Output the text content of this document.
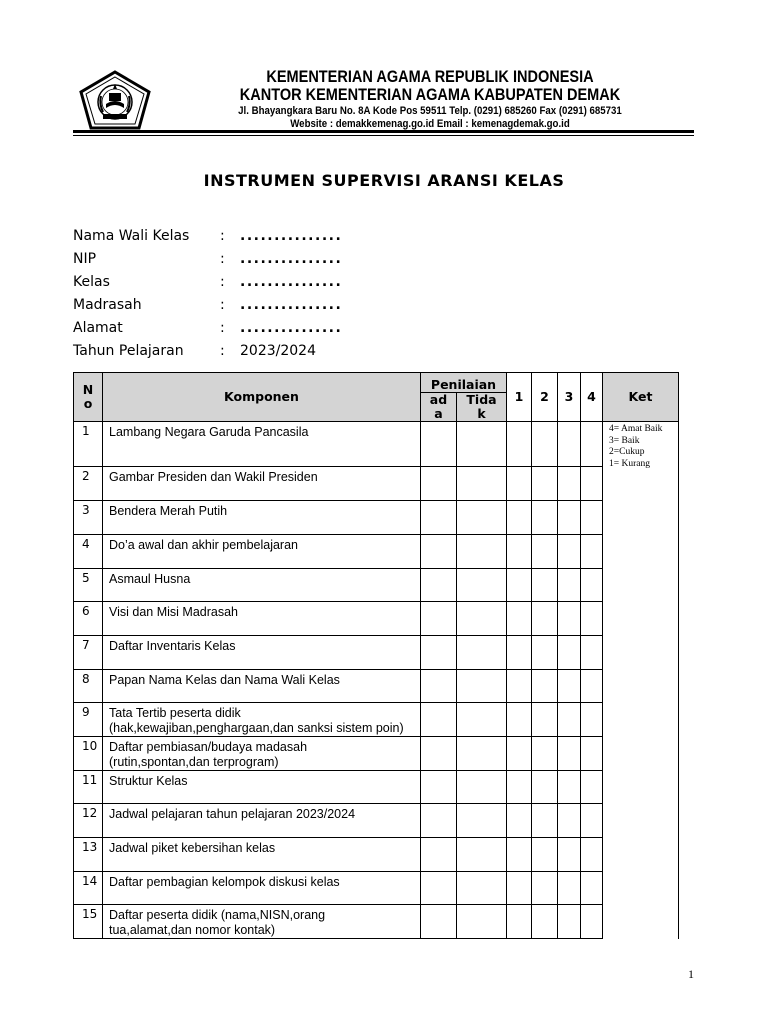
KEMENTERIAN AGAMA REPUBLIK INDONESIA
KANTOR KEMENTERIAN AGAMA KABUPATEN DEMAK
Jl. Bhayangkara Baru No. 8A Kode Pos 59511 Telp. (0291) 685260 Fax (0291) 685731
Website : demakkemenag.go.id Email : kemenagdemak.go.id
INSTRUMEN SUPERVISI ARANSI KELAS
Nama Wali Kelas	:	...............
NIP	:	...............
Kelas	:	...............
Madrasah	:	...............
Alamat	:	...............
Tahun Pelajaran	:	2023/2024
No	Komponen	Penilaian		1	2	3	4	Ket
		ada	Tidak					
1	Lambang Negara Garuda Pancasila							4= Amat Baik
3= Baik
2=Cukup
1= Kurang

2	Gambar Presiden dan Wakil Presiden							

3	Bendera Merah Putih							

4	Do’a awal dan akhir pembelajaran							

5	Asmaul Husna							

6	Visi dan Misi Madrasah							

7	Daftar Inventaris Kelas							

8	Papan Nama Kelas dan Nama Wali Kelas							

9	Tata Tertib peserta didik
(hak,kewajiban,penghargaan,dan sanksi sistem poin)							

10	Daftar pembiasan/budaya madasah
(rutin,spontan,dan terprogram)							

11	Struktur Kelas							

12	Jadwal pelajaran tahun pelajaran 2023/2024							

13	Jadwal piket kebersihan kelas							

14	Daftar pembagian kelompok diskusi kelas							

15	Daftar peserta didik (nama,NISN,orang
tua,alamat,dan nomor kontak)							

1
